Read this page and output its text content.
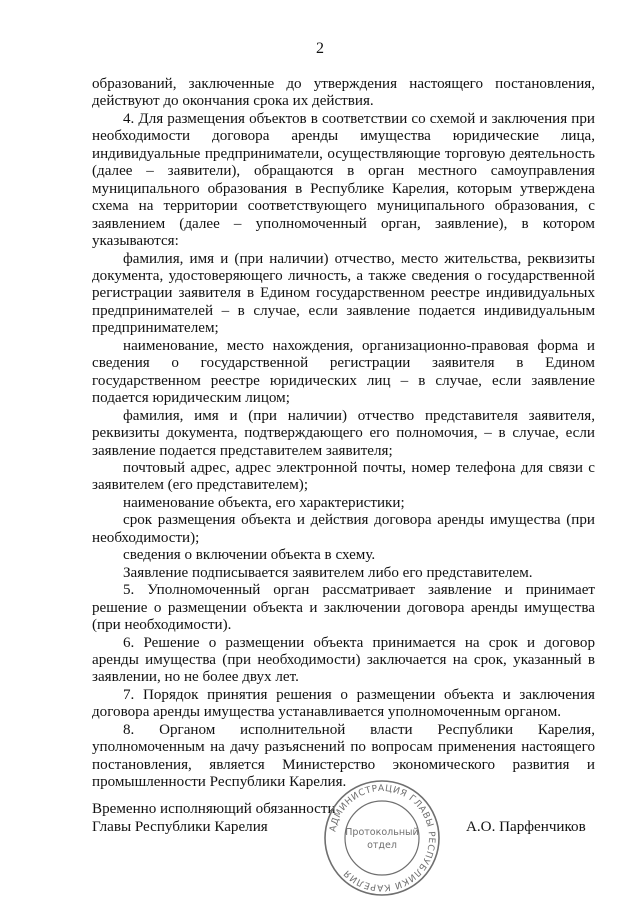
2

образований, заключенные до утверждения настоящего постановления, действуют до окончания срока их действия.

4. Для размещения объектов в соответствии со схемой и заключения при необходимости договора аренды имущества юридические лица, индивидуальные предприниматели, осуществляющие торговую деятельность (далее – заявители), обращаются в орган местного самоуправления муниципального образования в Республике Карелия, которым утверждена схема на территории соответствующего муниципального образования, с заявлением (далее – уполномоченный орган, заявление), в котором указываются:

фамилия, имя и (при наличии) отчество, место жительства, реквизиты документа, удостоверяющего личность, а также сведения о государственной регистрации заявителя в Едином государственном реестре индивидуальных предпринимателей – в случае, если заявление подается индивидуальным предпринимателем;

наименование, место нахождения, организационно-правовая форма и сведения о государственной регистрации заявителя в Едином государственном реестре юридических лиц – в случае, если заявление подается юридическим лицом;

фамилия, имя и (при наличии) отчество представителя заявителя, реквизиты документа, подтверждающего его полномочия, – в случае, если заявление подается представителем заявителя;

почтовый адрес, адрес электронной почты, номер телефона для связи с заявителем (его представителем);

наименование объекта, его характеристики;

срок размещения объекта и действия договора аренды имущества (при необходимости);

сведения о включении объекта в схему.

Заявление подписывается заявителем либо его представителем.

5. Уполномоченный орган рассматривает заявление и принимает решение о размещении объекта и заключении договора аренды имущества (при необходимости).

6. Решение о размещении объекта принимается на срок и договор аренды имущества (при необходимости) заключается на срок, указанный в заявлении, но не более двух лет.

7. Порядок принятия решения о размещении объекта и заключения договора аренды имущества устанавливается уполномоченным органом.

8. Органом исполнительной власти Республики Карелия, уполномоченным на дачу разъяснений по вопросам применения настоящего постановления, является Министерство экономического развития и промышленности Республики Карелия.

Временно исполняющий обязанности
Главы Республики Карелия	А.О. Парфенчиков
АДМИНИСТРАЦИЯ ГЛАВЫ РЕСПУБЛИКИ КАРЕЛИЯ
Протокольный
отдел
